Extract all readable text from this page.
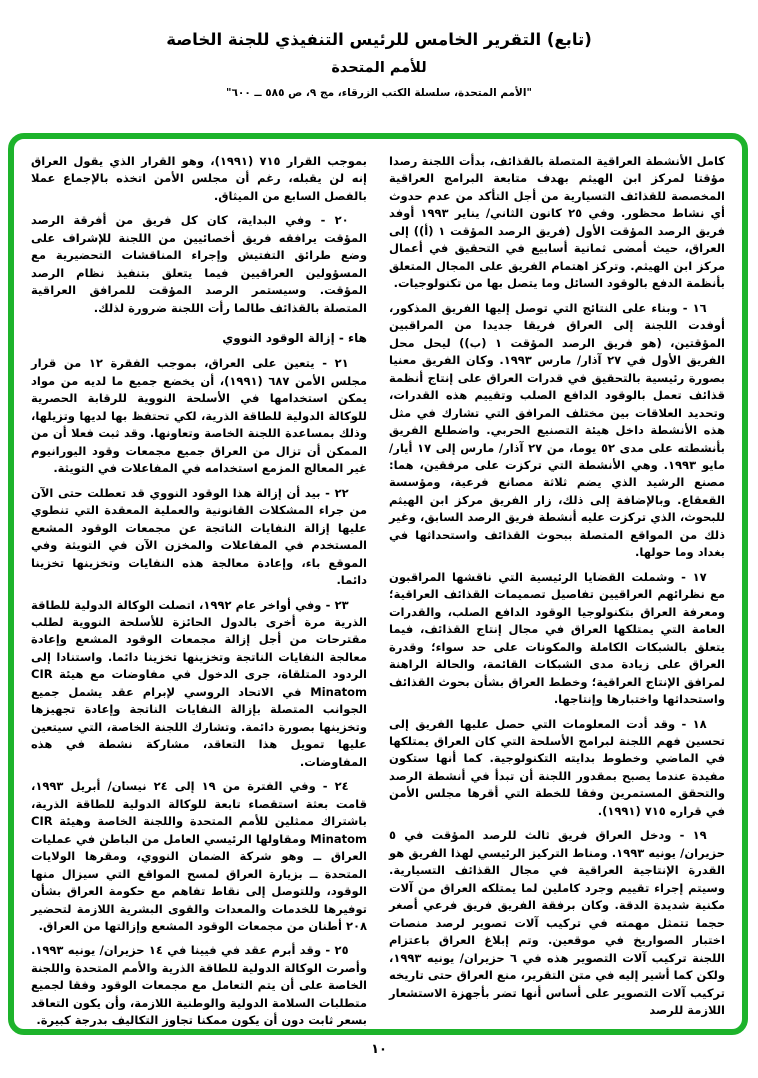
(تابع) التقرير الخامس للرئيس التنفيذي للجنة الخاصة
للأمم المتحدة
"الأمم المتحدة، سلسلة الكتب الزرقاء، مج ٩، ص ٥٨٥ ــ ٦٠٠"

كامل الأنشطة العراقية المتصلة بالقذائف، بدأت اللجنة رصدا مؤقتا لمركز ابن الهيثم بهدف متابعة البرامج العراقية المخصصة للقذائف التسيارية من أجل التأكد من عدم حدوث أي نشاط محظور. وفي ٢٥ كانون الثاني/ يناير ١٩٩٣ أوفد فريق الرصد المؤقت الأول (فريق الرصد المؤقت ١ (أ)) إلى العراق، حيث أمضى ثمانية أسابيع في التحقيق في أعمال مركز ابن الهيثم. وتركز اهتمام الفريق على المجال المتعلق بأنظمة الدفع بالوقود السائل وما يتصل بها من تكنولوجيات.

١٦ - وبناء على النتائج التي توصل إليها الفريق المذكور، أوفدت اللجنة إلى العراق فريقا جديدا من المراقبين المؤقتين، (هو فريق الرصد المؤقت ١ (ب)) ليحل محل الفريق الأول في ٢٧ آذار/ مارس ١٩٩٣. وكان الفريق معنيا بصورة رئيسية بالتحقيق في قدرات العراق على إنتاج أنظمة قذائف تعمل بالوقود الدافع الصلب وتقييم هذه القدرات، وتحديد العلاقات بين مختلف المرافق التي تشارك في مثل هذه الأنشطة داخل هيئة التصنيع الحربي. واضطلع الفريق بأنشطته على مدى ٥٢ يوما، من ٢٧ آذار/ مارس إلى ١٧ أيار/ مايو ١٩٩٣. وهي الأنشطة التي تركزت على مرفقين، هما: مصنع الرشيد الذي يضم ثلاثة مصانع فرعية، ومؤسسة القعقاع. وبالإضافة إلى ذلك، زار الفريق مركز ابن الهيثم للبحوث، الذي تركزت عليه أنشطة فريق الرصد السابق، وغير ذلك من المواقع المتصلة ببحوث القذائف واستحداثها في بغداد وما حولها.

١٧ - وشملت القضايا الرئيسية التي ناقشها المراقبون مع نظرائهم العراقيين تفاصيل تصميمات القذائف العراقية؛ ومعرفة العراق بتكنولوجيا الوقود الدافع الصلب، والقدرات العامة التي يمتلكها العراق في مجال إنتاج القذائف، فيما يتعلق بالشبكات الكاملة والمكونات على حد سواء؛ وقدرة العراق على زيادة مدى الشبكات القائمة، والحالة الراهنة لمرافق الإنتاج العراقية؛ وخطط العراق بشأن بحوث القذائف واستحداثها واختبارها وإنتاجها.

١٨ - وقد أدت المعلومات التي حصل عليها الفريق إلى تحسين فهم اللجنة لبرامج الأسلحة التي كان العراق يمتلكها في الماضي وخطوط بدايته التكنولوجية. كما أنها ستكون مفيدة عندما يصبح بمقدور اللجنة أن تبدأ في أنشطة الرصد والتحقق المستمرين وفقا للخطة التي أقرها مجلس الأمن في قراره ٧١٥ (١٩٩١).

١٩ - ودخل العراق فريق ثالث للرصد المؤقت في ٥ حزيران/ يونيه ١٩٩٣. ومناط التركيز الرئيسي لهذا الفريق هو القدرة الإنتاجية العراقية في مجال القذائف التسيارية. وسيتم إجراء تقييم وجرد كاملين لما يمتلكه العراق من آلات مكنية شديدة الدقة. وكان برفقة الفريق فريق فرعي أصغر حجما تتمثل مهمته في تركيب آلات تصوير لرصد منصات اختبار الصواريخ في موقعين. وتم إبلاغ العراق باعتزام اللجنة تركيب آلات التصوير هذه في ٦ حزيران/ يونيه ١٩٩٣، ولكن كما أشير إليه في متن التقرير، منع العراق حتى تاريخه تركيب آلات التصوير على أساس أنها تضر بأجهزة الاستشعار اللازمة للرصد

بموجب القرار ٧١٥ (١٩٩١)، وهو القرار الذي يقول العراق إنه لن يقبله، رغم أن مجلس الأمن اتخذه بالإجماع عملا بالفصل السابع من الميثاق.

٢٠ - وفي البداية، كان كل فريق من أفرقة الرصد المؤقت يرافقه فريق أخصائيين من اللجنة للإشراف على وضع طرائق التفتيش وإجراء المناقشات التحضيرية مع المسؤولين العراقيين فيما يتعلق بتنفيذ نظام الرصد المؤقت. وسيستمر الرصد المؤقت للمرافق العراقية المتصلة بالقذائف طالما رأت اللجنة ضرورة لذلك.

هاء - إزالة الوقود النووي

٢١ - يتعين على العراق، بموجب الفقرة ١٢ من قرار مجلس الأمن ٦٨٧ (١٩٩١)، أن يخضع جميع ما لديه من مواد يمكن استخدامها في الأسلحة النووية للرقابة الحصرية للوكالة الدولية للطاقة الذرية، لكي تحتفظ بها لديها وتزيلها، وذلك بمساعدة اللجنة الخاصة وتعاونها. وقد ثبت فعلا أن من الممكن أن تزال من العراق جميع مجمعات وقود اليورانيوم غير المعالج المزمع استخدامه في المفاعلات في التويثة.

٢٢ - بيد أن إزالة هذا الوقود النووي قد تعطلت حتى الآن من جراء المشكلات القانونية والعملية المعقدة التي تنطوي عليها إزالة النفايات الناتجة عن مجمعات الوقود المشعع المستخدم في المفاعلات والمخزن الآن في التويثة وفي الموقع باء، وإعادة معالجة هذه النفايات وتخزينها تخزينا دائما.

٢٣ - وفي أواخر عام ١٩٩٢، اتصلت الوكالة الدولية للطاقة الذرية مرة أخرى بالدول الحائزة للأسلحة النووية لطلب مقترحات من أجل إزالة مجمعات الوقود المشعع وإعادة معالجة النفايات الناتجة وتخزينها تخزينا دائما. واستنادا إلى الردود المتلقاة، جرى الدخول في مفاوضات مع هيئة CIR Minatom في الاتحاد الروسي لإبرام عقد يشمل جميع الجوانب المتصلة بإزالة النفايات الناتجة وإعادة تجهيزها وتخزينها بصورة دائمة. وتشارك اللجنة الخاصة، التي سيتعين عليها تمويل هذا التعاقد، مشاركة نشطة في هذه المفاوضات.

٢٤ - وفي الفترة من ١٩ إلى ٢٤ نيسان/ أبريل ١٩٩٣، قامت بعثة استقصاء تابعة للوكالة الدولية للطاقة الذرية، باشتراك ممثلين للأمم المتحدة واللجنة الخاصة وهيئة CIR Minatom ومقاولها الرئيسي العامل من الباطن في عمليات العراق ــ وهو شركة الضمان النووي، ومقرها الولايات المتحدة ــ بزيارة العراق لمسح المواقع التي سيزال منها الوقود، وللتوصل إلى نقاط تفاهم مع حكومة العراق بشأن توفيرها للخدمات والمعدات والقوى البشرية اللازمة لتحضير ٢٠٨ أطنان من مجمعات الوقود المشعع وإزالتها من العراق.

٢٥ - وقد أبرم عقد في فيينا في ١٤ حزيران/ يونيه ١٩٩٣. وأصرت الوكالة الدولية للطاقة الذرية والأمم المتحدة واللجنة الخاصة على أن يتم التعامل مع مجمعات الوقود وفقا لجميع متطلبات السلامة الدولية والوطنية اللازمة، وأن يكون التعاقد بسعر ثابت دون أن يكون ممكنا تجاوز التكاليف بدرجة كبيرة.

١٠
